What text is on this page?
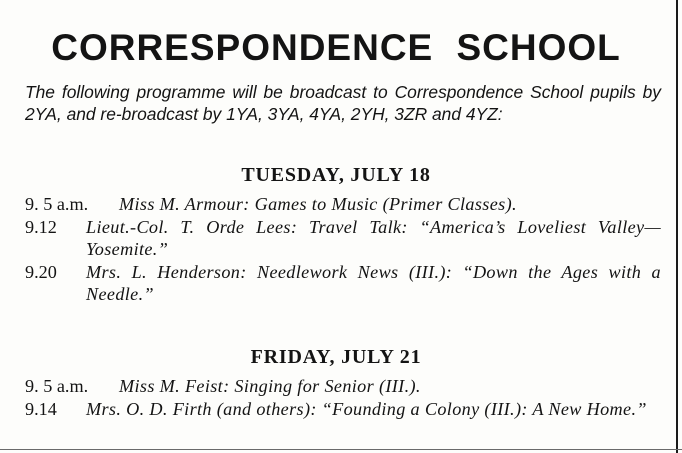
CORRESPONDENCE SCHOOL

The following programme will be broadcast to Correspondence School pupils by 2YA, and re-broadcast by 1YA, 3YA, 4YA, 2YH, 3ZR and 4YZ:

TUESDAY, JULY 18
9. 5 a.m.	Miss M. Armour: Games to Music (Primer Classes).
9.12	Lieut.-Col. T. Orde Lees: Travel Talk: “America’s Loveliest Valley—Yosemite.”
9.20	Mrs. L. Henderson: Needlework News (III.): “Down the Ages with a Needle.”
FRIDAY, JULY 21
9. 5 a.m.	Miss M. Feist: Singing for Senior (III.).
9.14	Mrs. O. D. Firth (and others): “Founding a Colony (III.): A New Home.”
